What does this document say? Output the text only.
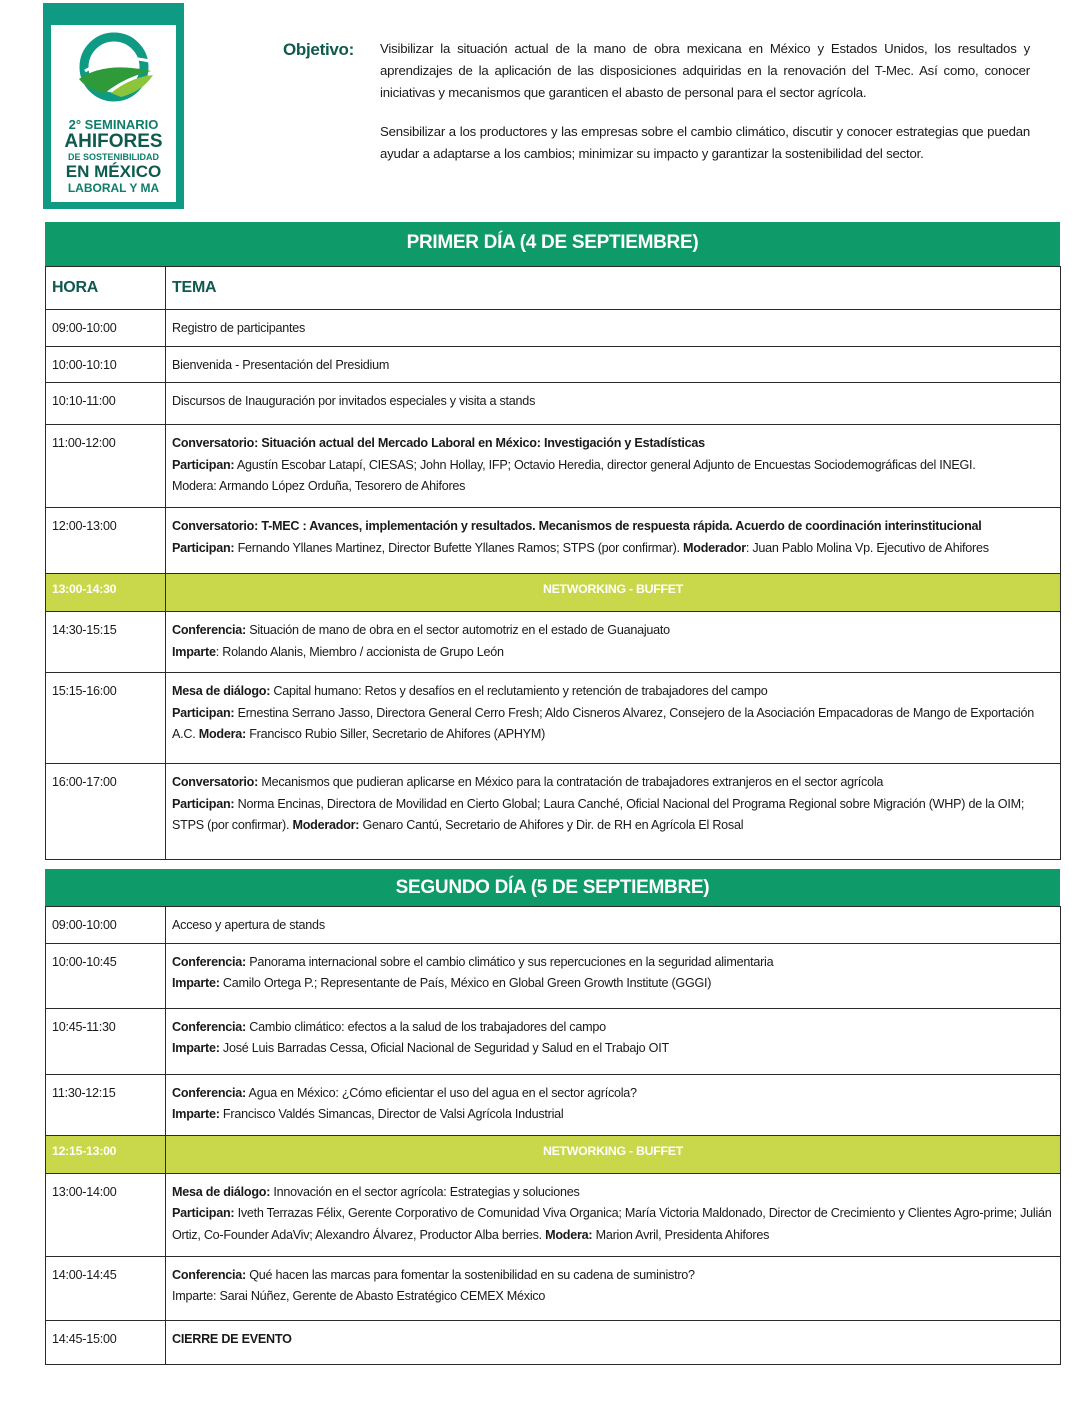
2° SEMINARIO
AHIFORES
DE SOSTENIBILIDAD
EN MÉXICO
LABORAL Y MA
Objetivo: Visibilizar la situación actual de la mano de obra mexicana en México y Estados Unidos, los resultados y aprendizajes de la aplicación de las disposiciones adquiridas en la renovación del T-Mec. Así como, conocer iniciativas y mecanismos que garanticen el abasto de personal para el sector agrícola.
Sensibilizar a los productores y las empresas sobre el cambio climático, discutir y conocer estrategias que puedan ayudar a adaptarse a los cambios; minimizar su impacto y garantizar la sostenibilidad del sector.
PRIMER DÍA (4 DE SEPTIEMBRE)
HORA	TEMA
09:00-10:00	Registro de participantes

10:00-10:10	Bienvenida - Presentación del Presidium

10:10-11:00	Discursos de Inauguración por invitados especiales y visita a stands

11:00-12:00	Conversatorio: Situación actual del Mercado Laboral en México: Investigación y Estadísticas
Participan: Agustín Escobar Latapí, CIESAS; John Hollay, IFP; Octavio Heredia, director general Adjunto de Encuestas Sociodemográficas del INEGI.
Modera: Armando López Orduña, Tesorero de Ahifores

12:00-13:00	Conversatorio: T-MEC : Avances, implementación y resultados. Mecanismos de respuesta rápida. Acuerdo de coordinación interinstitucional
Participan: Fernando Yllanes Martinez, Director Bufette Yllanes Ramos; STPS (por confirmar). Moderador: Juan Pablo Molina Vp. Ejecutivo de Ahifores

13:00-14:30	NETWORKING - BUFFET
14:30-15:15	Conferencia: Situación de mano de obra en el sector automotriz en el estado de Guanajuato
Imparte: Rolando Alanis, Miembro / accionista de Grupo León

15:15-16:00	Mesa de diálogo: Capital humano: Retos y desafíos en el reclutamiento y retención de trabajadores del campo
Participan: Ernestina Serrano Jasso, Directora General Cerro Fresh; Aldo Cisneros Alvarez, Consejero de la Asociación Empacadoras de Mango de Exportación A.C. Modera: Francisco Rubio Siller, Secretario de Ahifores (APHYM)

16:00-17:00	Conversatorio: Mecanismos que pudieran aplicarse en México para la contratación de trabajadores extranjeros en el sector agrícola
Participan: Norma Encinas, Directora de Movilidad en Cierto Global; Laura Canché, Oficial Nacional del Programa Regional sobre Migración (WHP) de la OIM; STPS (por confirmar). Moderador: Genaro Cantú, Secretario de Ahifores y Dir. de RH en Agrícola El Rosal
SEGUNDO DÍA (5 DE SEPTIEMBRE)
09:00-10:00	Acceso y apertura de stands

10:00-10:45	Conferencia: Panorama internacional sobre el cambio climático y sus repercuciones en la seguridad alimentaria
Imparte: Camilo Ortega P.; Representante de País, México en Global Green Growth Institute (GGGI)

10:45-11:30	Conferencia: Cambio climático: efectos a la salud de los trabajadores del campo
Imparte: José Luis Barradas Cessa, Oficial Nacional de Seguridad y Salud en el Trabajo OIT

11:30-12:15	Conferencia: Agua en México: ¿Cómo eficientar el uso del agua en el sector agrícola?
Imparte: Francisco Valdés Simancas, Director de Valsi Agrícola Industrial

12:15-13:00	NETWORKING - BUFFET
13:00-14:00	Mesa de diálogo: Innovación en el sector agrícola: Estrategias y soluciones
Participan: Iveth Terrazas Félix, Gerente Corporativo de Comunidad Viva Organica; María Victoria Maldonado, Director de Crecimiento y Clientes Agro-prime; Julián Ortiz, Co-Founder AdaViv; Alexandro Álvarez, Productor Alba berries. Modera: Marion Avril, Presidenta Ahifores

14:00-14:45	Conferencia: Qué hacen las marcas para fomentar la sostenibilidad en su cadena de suministro?
Imparte: Sarai Núñez, Gerente de Abasto Estratégico CEMEX México

14:45-15:00	CIERRE DE EVENTO
